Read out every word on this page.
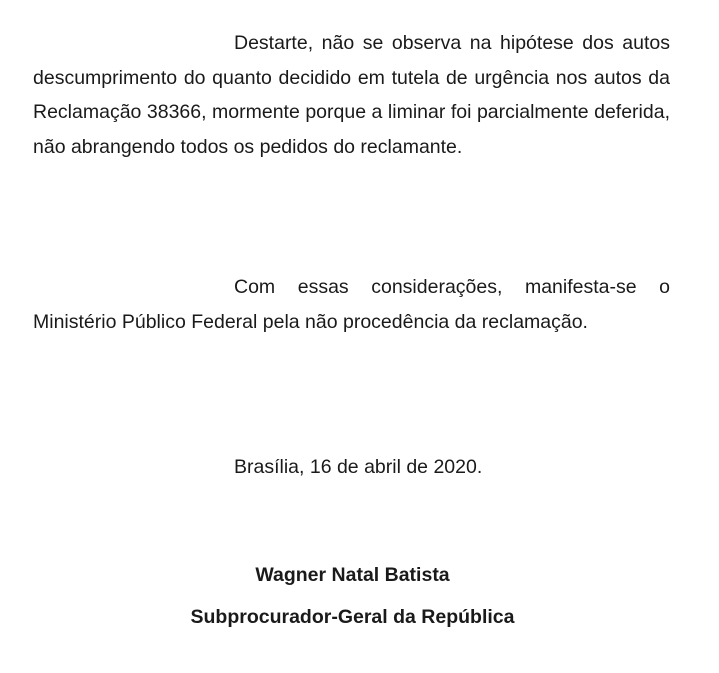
Destarte, não se observa na hipótese dos autos descumprimento do quanto decidido em tutela de urgência nos autos da Reclamação 38366, mormente porque a liminar foi parcialmente deferida, não abrangendo todos os pedidos do reclamante.

Com essas considerações, manifesta-se o Ministério Público Federal pela não procedência da reclamação.

Brasília, 16 de abril de 2020.

Wagner Natal Batista

Subprocurador-Geral da República
